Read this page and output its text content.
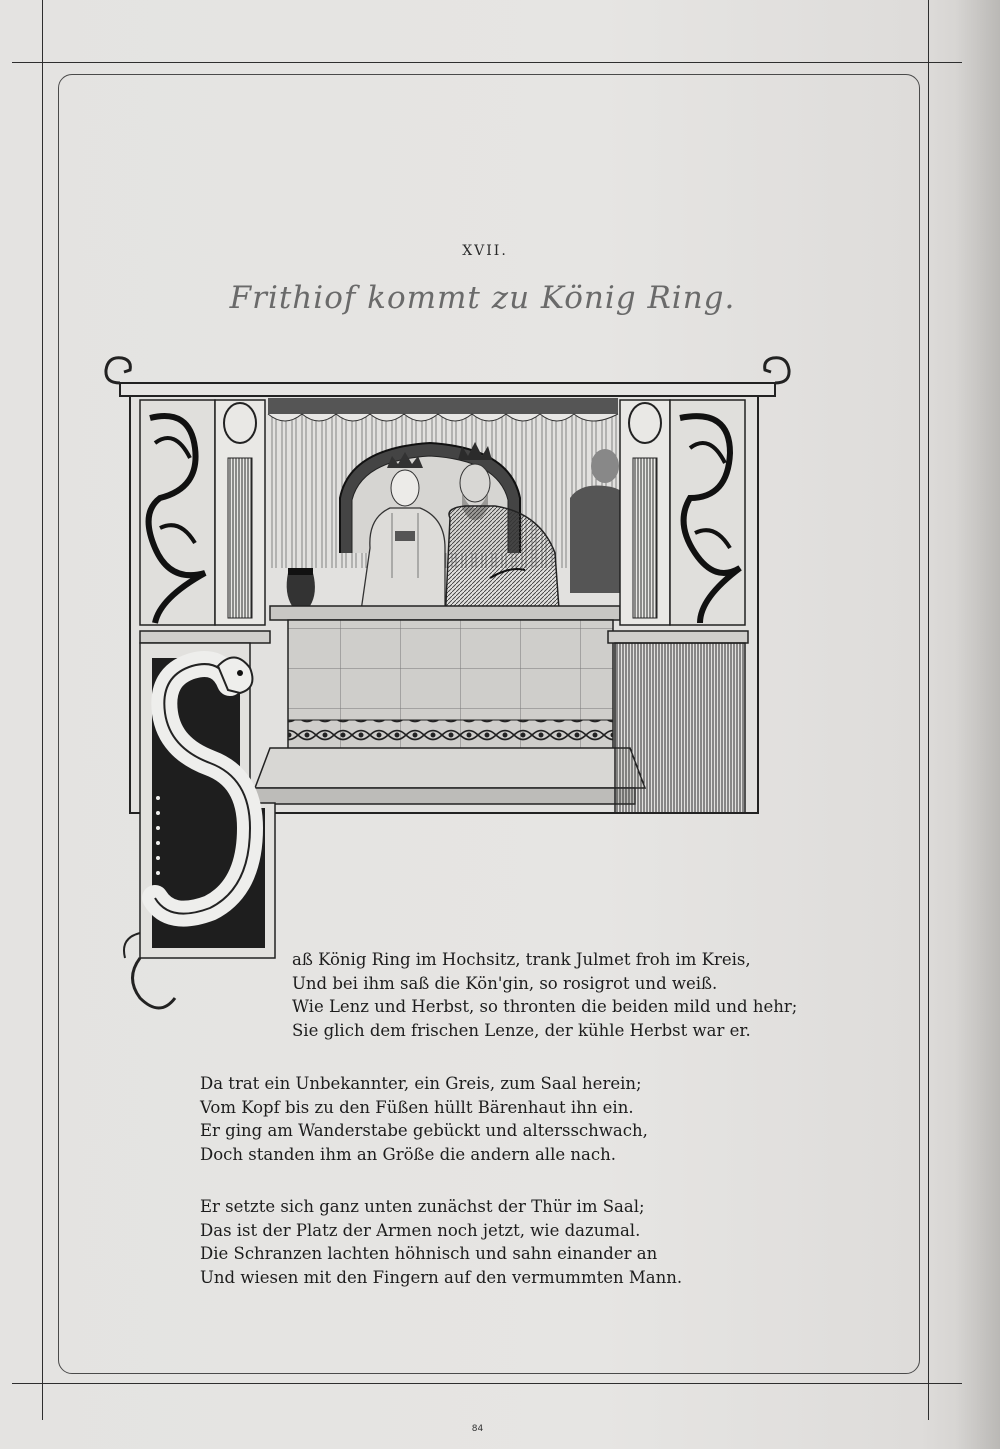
XVII.
Frithiof kommt zu König Ring.
aß König Ring im Hochsitz, trank Julmet froh im Kreis,
Und bei ihm saß die Kön'gin, so rosigrot und weiß.
Wie Lenz und Herbst, so thronten die beiden mild und hehr;
Sie glich dem frischen Lenze, der kühle Herbst war er.
Da trat ein Unbekannter, ein Greis, zum Saal herein;
Vom Kopf bis zu den Füßen hüllt Bärenhaut ihn ein.
Er ging am Wanderstabe gebückt und altersschwach,
Doch standen ihm an Größe die andern alle nach.
Er setzte sich ganz unten zunächst der Thür im Saal;
Das ist der Platz der Armen noch jetzt, wie dazumal.
Die Schranzen lachten höhnisch und sahn einander an
Und wiesen mit den Fingern auf den vermummten Mann.
84
